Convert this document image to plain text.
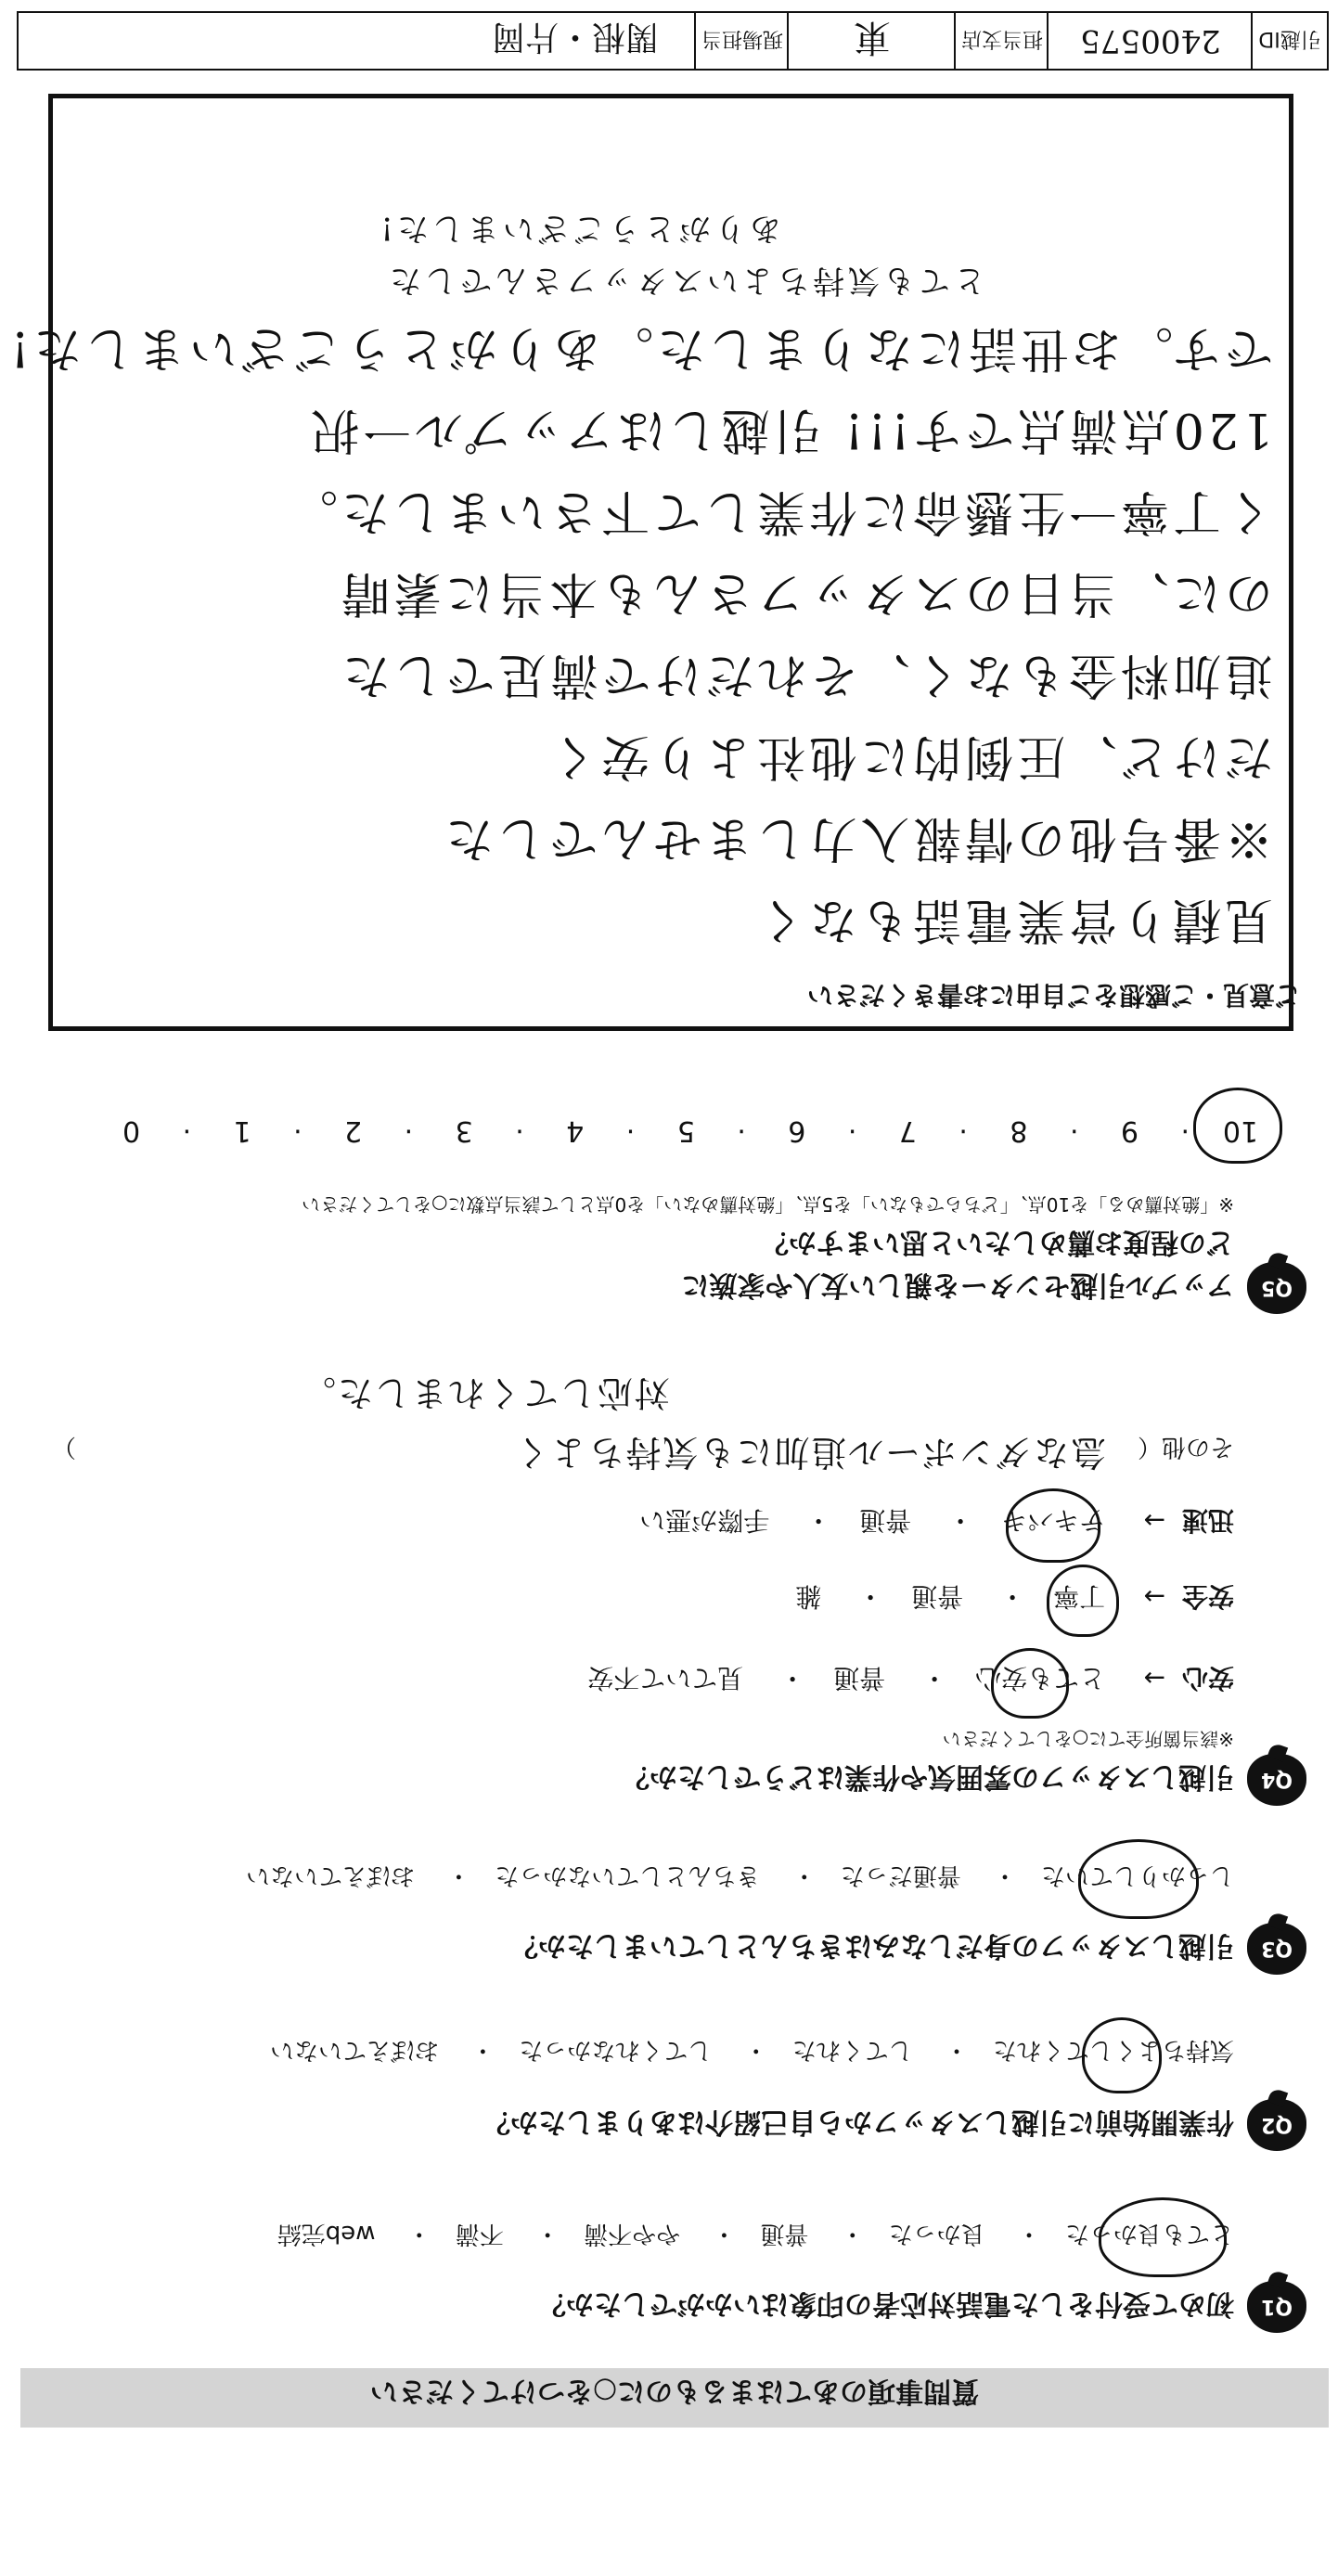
質問事項のあてはまるものに○をつけてください
Q1
初めて受付をした電話対応者の印象はいかがでしたか？
とても良かった・ 良かった・ 普通・ やや不満・ 不満・ web完結
Q2
作業開始前に引越しスタッフから自己紹介はありましたか？
気持ちよくしてくれた・ してくれた・ してくれなかった・ おぼえていない
Q3
引越しスタッフの身だしなみはきちんとしていましたか？
しっかりしていた・ 普通だった・ きちんとしていなかった・ おぼえていない
Q4
引越しスタッフの雰囲気や作業はどうでしたか？
※該当箇所全てに○をしてください
安心→ とても安心・ 普通・ 見ていて不安
安全→ 丁寧・ 普通・ 雑
迅速→ テキパキ・ 普通・ 手際が悪い
その他（
）	急なダンボール追加にも気持ちよく
対応してくれました。
Q5
アップル引越センターを親しい友人や家族に
どの程度お薦めしたいと思いますか？
※「絶対薦める」を10点、「どちらでもない」を5点、「絶対薦めない」を0点として該当点数に○をしてください
10·9·8·7·6·5·4·3·2·1·0
ご意見・ご感想をご自由にお書きください
見積り営業電話もなく
※番号他の情報入力しませんでした
だけど、圧倒的に他社より安く
追加料金もなく、それだけで満足でした
のに、当日のスタッフさんも本当に素晴
く丁寧一生懸命に作業して下さいました。
120点満点です!!! 引越しはアップル一択
です。お世話になりました。ありがとうございました!
とても気持ちよいスタッフさんでした
ありがとうございました!
引越ID
2400575
担当支店
東
現場担当
関根・片岡
